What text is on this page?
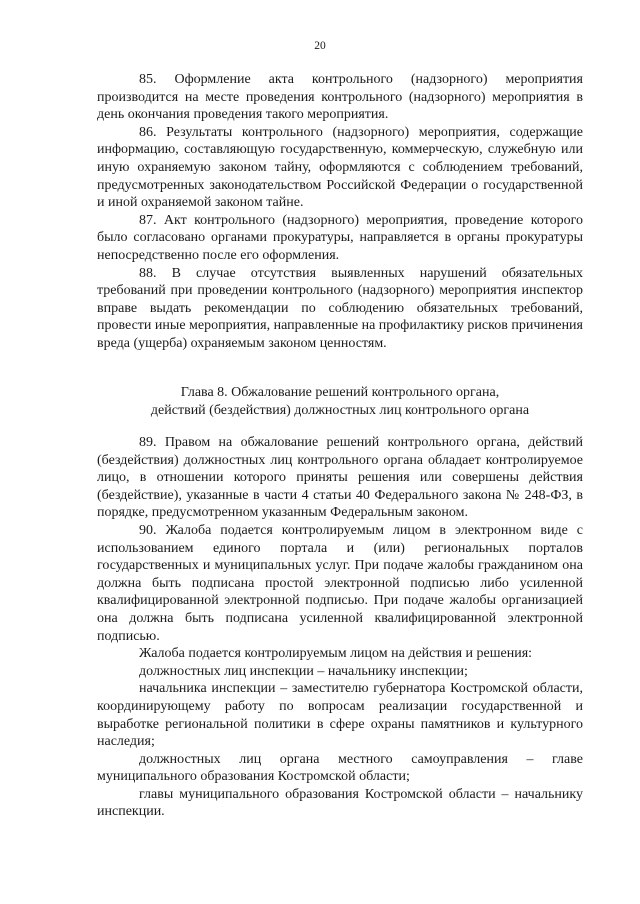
20

85. Оформление акта контрольного (надзорного) мероприятия производится на месте проведения контрольного (надзорного) мероприятия в день окончания проведения такого мероприятия.

86. Результаты контрольного (надзорного) мероприятия, содержащие информацию, составляющую государственную, коммерческую, служебную или иную охраняемую законом тайну, оформляются с соблюдением требований, предусмотренных законодательством Российской Федерации о государственной и иной охраняемой законом тайне.

87. Акт контрольного (надзорного) мероприятия, проведение которого было согласовано органами прокуратуры, направляется в органы прокуратуры непосредственно после его оформления.

88. В случае отсутствия выявленных нарушений обязательных требований при проведении контрольного (надзорного) мероприятия инспектор вправе выдать рекомендации по соблюдению обязательных требований, провести иные мероприятия, направленные на профилактику рисков причинения вреда (ущерба) охраняемым законом ценностям.

Глава 8. Обжалование решений контрольного органа,
действий (бездействия) должностных лиц контрольного органа

89. Правом на обжалование решений контрольного органа, действий (бездействия) должностных лиц контрольного органа обладает контролируемое лицо, в отношении которого приняты решения или совершены действия (бездействие), указанные в части 4 статьи 40 Федерального закона № 248-ФЗ, в порядке, предусмотренном указанным Федеральным законом.

90. Жалоба подается контролируемым лицом в электронном виде с использованием единого портала и (или) региональных порталов государственных и муниципальных услуг. При подаче жалобы гражданином она должна быть подписана простой электронной подписью либо усиленной квалифицированной электронной подписью. При подаче жалобы организацией она должна быть подписана усиленной квалифицированной электронной подписью.

Жалоба подается контролируемым лицом на действия и решения:

должностных лиц инспекции – начальнику инспекции;

начальника инспекции – заместителю губернатора Костромской области, координирующему работу по вопросам реализации государственной и выработке региональной политики в сфере охраны памятников и культурного наследия;

должностных лиц органа местного самоуправления – главе муниципального образования Костромской области;

главы муниципального образования Костромской области – начальнику инспекции.
